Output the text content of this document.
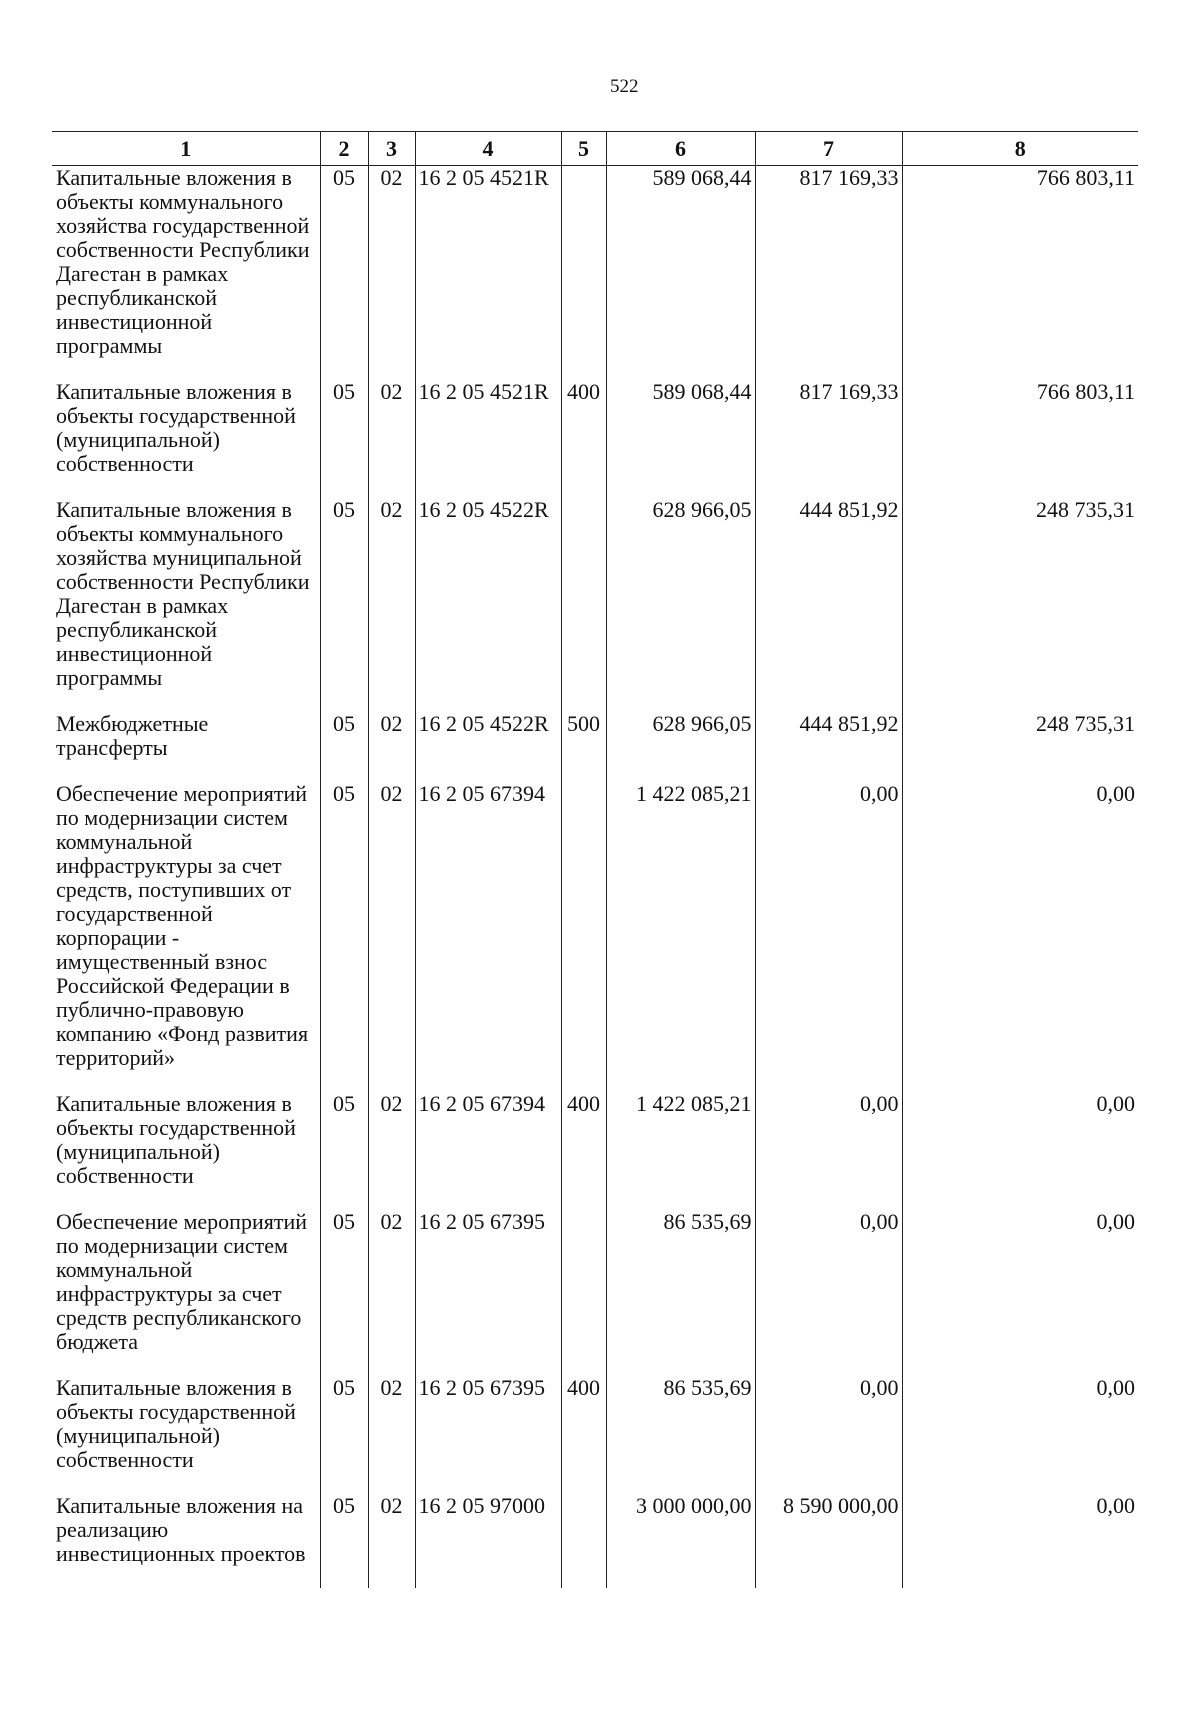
522
1	2	3	4	5	6	7	8
Капитальные вложения в объекты коммунального хозяйства государственной собственности Республики Дагестан в рамках республиканской инвестиционной программы	05	02	16 2 05 4521R		589 068,44	817 169,33	766 803,11
Капитальные вложения в объекты государственной (муниципальной) собственности	05	02	16 2 05 4521R	400	589 068,44	817 169,33	766 803,11
Капитальные вложения в объекты коммунального хозяйства муниципальной собственности Республики Дагестан в рамках республиканской инвестиционной программы	05	02	16 2 05 4522R		628 966,05	444 851,92	248 735,31
Межбюджетные трансферты	05	02	16 2 05 4522R	500	628 966,05	444 851,92	248 735,31
Обеспечение мероприятий по модернизации систем коммунальной инфраструктуры за счет средств, поступивших от государственной корпорации - имущественный взнос Российской Федерации в публично-правовую компанию «Фонд развития территорий»	05	02	16 2 05 67394		1 422 085,21	0,00	0,00
Капитальные вложения в объекты государственной (муниципальной) собственности	05	02	16 2 05 67394	400	1 422 085,21	0,00	0,00
Обеспечение мероприятий по модернизации систем коммунальной инфраструктуры за счет средств республиканского бюджета	05	02	16 2 05 67395		86 535,69	0,00	0,00
Капитальные вложения в объекты государственной (муниципальной) собственности	05	02	16 2 05 67395	400	86 535,69	0,00	0,00
Капитальные вложения на реализацию инвестиционных проектов	05	02	16 2 05 97000		3 000 000,00	8 590 000,00	0,00
